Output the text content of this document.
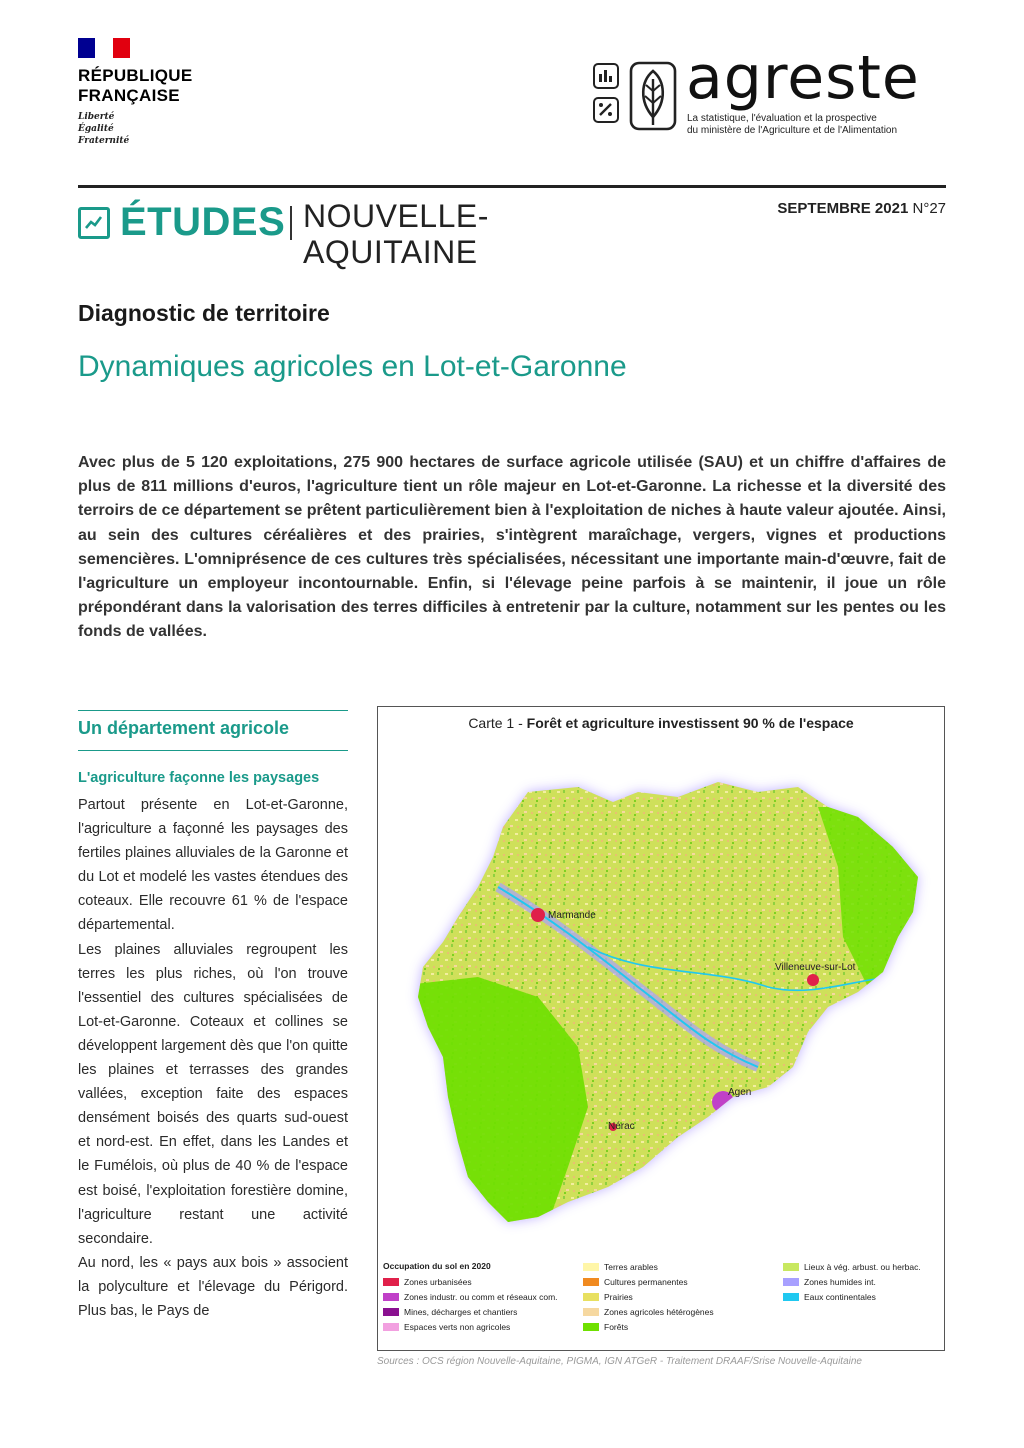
RÉPUBLIQUE
FRANÇAISE
Liberté
Égalité
Fraternité
agreste
La statistique, l'évaluation et la prospective
du ministère de l'Agriculture et de l'Alimentation
ÉTUDES NOUVELLE-
AQUITAINE
SEPTEMBRE 2021 N°27
Diagnostic de territoire
Dynamiques agricoles en Lot-et-Garonne
Avec plus de 5 120 exploitations, 275 900 hectares de surface agricole utilisée (SAU) et un chiffre d'affaires de plus de 811 millions d'euros, l'agriculture tient un rôle majeur en Lot-et-Garonne. La richesse et la diversité des terroirs de ce département se prêtent particulièrement bien à l'exploitation de niches à haute valeur ajoutée. Ainsi, au sein des cultures céréalières et des prairies, s'intègrent maraîchage, vergers, vignes et productions semencières. L'omniprésence de ces cultures très spécialisées, nécessitant une importante main-d'œuvre, fait de l'agriculture un employeur incontournable. Enfin, si l'élevage peine parfois à se maintenir, il joue un rôle prépondérant dans la valorisation des terres difficiles à entretenir par la culture, notamment sur les pentes ou les fonds de vallées.
Un département agricole
L'agriculture façonne les paysages

Partout présente en Lot-et-Garonne, l'agriculture a façonné les paysages des fertiles plaines alluviales de la Garonne et du Lot et modelé les vastes étendues des coteaux. Elle recouvre 61 % de l'espace départemental.

Les plaines alluviales regroupent les terres les plus riches, où l'on trouve l'essentiel des cultures spécialisées de Lot-et-Garonne. Coteaux et collines se développent largement dès que l'on quitte les plaines et terrasses des grandes vallées, exception faite des espaces densément boisés des quarts sud-ouest et nord-est. En effet, dans les Landes et le Fumélois, où plus de 40 % de l'espace est boisé, l'exploitation forestière domine, l'agriculture restant une activité secondaire.

Au nord, les « pays aux bois » associent la polyculture et l'élevage du Périgord. Plus bas, le Pays de

Carte 1 - Forêt et agriculture investissent 90 % de l'espace
Marmande
Villeneuve-sur-Lot
Agen
Nérac
Occupation du sol en 2020
Zones urbanisées
Zones industr. ou comm et réseaux com.
Mines, décharges et chantiers
Espaces verts non agricoles
Terres arables
Cultures permanentes
Prairies
Zones agricoles hétérogènes
Forêts
Lieux à vég. arbust. ou herbac.
Zones humides int.
Eaux continentales
Sources : OCS région Nouvelle-Aquitaine, PIGMA, IGN ATGeR - Traitement DRAAF/Srise Nouvelle-Aquitaine
